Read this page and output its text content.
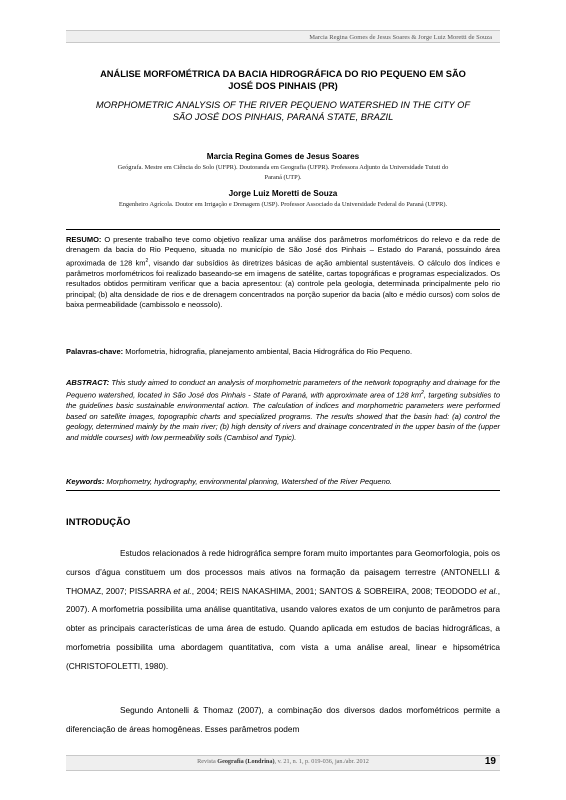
Marcia Regina Gomes de Jesus Soares & Jorge Luiz Moretti de Souza
ANÁLISE MORFOMÉTRICA DA BACIA HIDROGRÁFICA DO RIO PEQUENO EM SÃO
JOSÉ DOS PINHAIS (PR)
MORPHOMETRIC ANALYSIS OF THE RIVER PEQUENO WATERSHED IN THE CITY OF
SÃO JOSÉ DOS PINHAIS, PARANÁ STATE, BRAZIL
Marcia Regina Gomes de Jesus Soares
Geógrafa. Mestre em Ciência do Solo (UFPR). Doutoranda em Geografia (UFPR). Professora Adjunto da Universidade Tuiuti do
Paraná (UTP).
Jorge Luiz Moretti de Souza
Engenheiro Agrícola. Doutor em Irrigação e Drenagem (USP). Professor Associado da Universidade Federal do Paraná (UFPR).
RESUMO: O presente trabalho teve como objetivo realizar uma análise dos parâmetros morfométricos do relevo e da rede de drenagem da bacia do Rio Pequeno, situada no município de São José dos Pinhais – Estado do Paraná, possuindo área aproximada de 128 $km^2$, visando dar subsídios às diretrizes básicas de ação ambiental sustentáveis. O cálculo dos índices e parâmetros morfométricos foi realizado baseando-se em imagens de satélite, cartas topográficas e programas especializados. Os resultados obtidos permitiram verificar que a bacia apresentou: (a) controle pela geologia, determinada principalmente pelo rio principal; (b) alta densidade de rios e de drenagem concentrados na porção superior da bacia (alto e médio cursos) com solos de baixa permeabilidade (cambissolo e neossolo).
Palavras-chave: Morfometria, hidrografia, planejamento ambiental, Bacia Hidrográfica do Rio Pequeno.
ABSTRACT: This study aimed to conduct an analysis of morphometric parameters of the network topography and drainage for the Pequeno watershed, located in São José dos Pinhais - State of Paraná, with approximate area of 128 $km^2$, targeting subsidies to the guidelines basic sustainable environmental action. The calculation of indices and morphometric parameters were performed based on satellite images, topographic charts and specialized programs. The results showed that the basin had: (a) control the geology, determined mainly by the main river; (b) high density of rivers and drainage concentrated in the upper basin of the (upper and middle courses) with low permeability soils (Cambisol and Typic).
Keywords: Morphometry, hydrography, environmental planning, Watershed of the River Pequeno.
INTRODUÇÃO
Estudos relacionados à rede hidrográfica sempre foram muito importantes para Geomorfologia, pois os cursos d’água constituem um dos processos mais ativos na formação da paisagem terrestre (ANTONELLI & THOMAZ, 2007; PISSARRA et al., 2004; REIS NAKASHIMA, 2001; SANTOS & SOBREIRA, 2008; TEODODO et al., 2007). A morfometria possibilita uma análise quantitativa, usando valores exatos de um conjunto de parâmetros para obter as principais características de uma área de estudo. Quando aplicada em estudos de bacias hidrográficas, a morfometria possibilita uma abordagem quantitativa, com vista a uma análise areal, linear e hipsométrica (CHRISTOFOLETTI, 1980).
Segundo Antonelli & Thomaz (2007), a combinação dos diversos dados morfométricos permite a diferenciação de áreas homogêneas. Esses parâmetros podem
Revista Geografia (Londrina), v. 21, n. 1, p. 019-036, jan./abr. 2012	19
